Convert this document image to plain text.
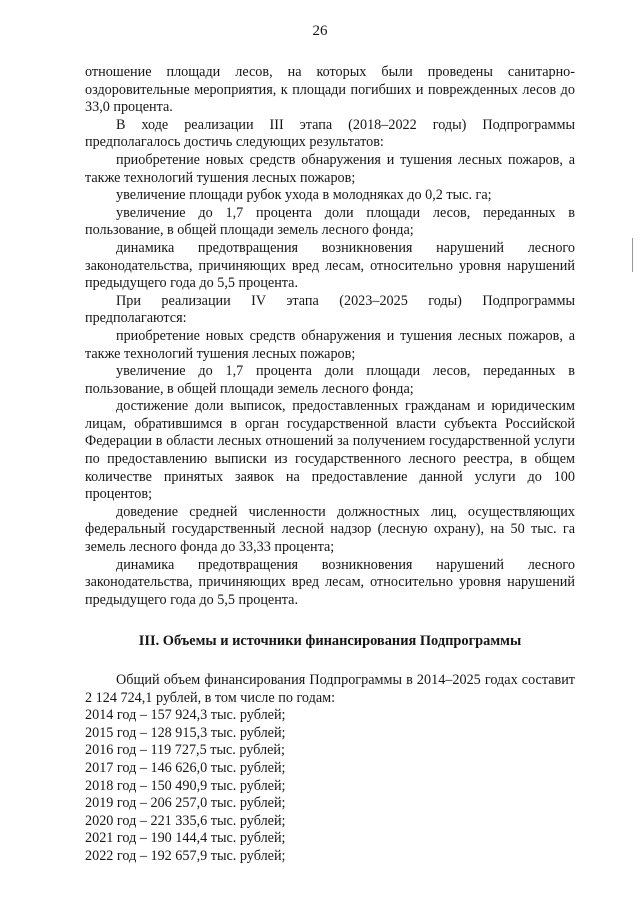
26

отношение площади лесов, на которых были проведены санитарно-оздоровительные мероприятия, к площади погибших и поврежденных лесов до 33,0 процента.

В ходе реализации III этапа (2018–2022 годы) Подпрограммы предполагалось достичь следующих результатов:

приобретение новых средств обнаружения и тушения лесных пожаров, а также технологий тушения лесных пожаров;

увеличение площади рубок ухода в молодняках до 0,2 тыс. га;

увеличение до 1,7 процента доли площади лесов, переданных в пользование, в общей площади земель лесного фонда;

динамика предотвращения возникновения нарушений лесного законодательства, причиняющих вред лесам, относительно уровня нарушений предыдущего года до 5,5 процента.

При реализации IV этапа (2023–2025 годы) Подпрограммы предполагаются:

приобретение новых средств обнаружения и тушения лесных пожаров, а также технологий тушения лесных пожаров;

увеличение до 1,7 процента доли площади лесов, переданных в пользование, в общей площади земель лесного фонда;

достижение доли выписок, предоставленных гражданам и юридическим лицам, обратившимся в орган государственной власти субъекта Российской Федерации в области лесных отношений за получением государственной услуги по предоставлению выписки из государственного лесного реестра, в общем количестве принятых заявок на предоставление данной услуги до 100 процентов;

доведение средней численности должностных лиц, осуществляющих федеральный государственный лесной надзор (лесную охрану), на 50 тыс. га земель лесного фонда до 33,33 процента;

динамика предотвращения возникновения нарушений лесного законодательства, причиняющих вред лесам, относительно уровня нарушений предыдущего года до 5,5 процента.

III. Объемы и источники финансирования Подпрограммы

Общий объем финансирования Подпрограммы в 2014–2025 годах составит 2 124 724,1 рублей, в том числе по годам:

2014 год – 157 924,3 тыс. рублей;
2015 год – 128 915,3 тыс. рублей;
2016 год – 119 727,5 тыс. рублей;
2017 год – 146 626,0 тыс. рублей;
2018 год – 150 490,9 тыс. рублей;
2019 год – 206 257,0 тыс. рублей;
2020 год – 221 335,6 тыс. рублей;
2021 год – 190 144,4 тыс. рублей;
2022 год – 192 657,9 тыс. рублей;
